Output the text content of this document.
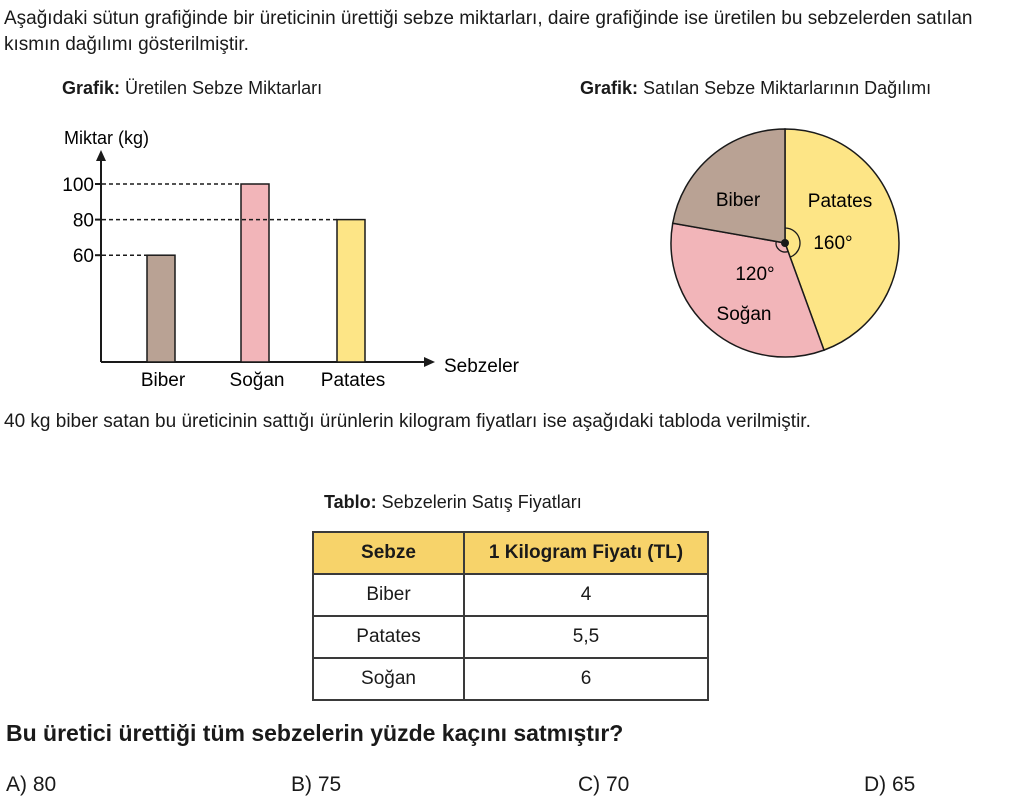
Aşağıdaki sütun grafiğinde bir üreticinin ürettiği sebze miktarları, daire grafiğinde ise üretilen bu sebzelerden satılan kısmın dağılımı gösterilmiştir.

Grafik: Üretilen Sebze Miktarları	Grafik: Satılan Sebze Miktarlarının Dağılımı

Miktar (kg)
Sebzeler
100
80
60
Biber Soğan Patates
Patates
160°
120°
Soğan
Biber

40 kg biber satan bu üreticinin sattığı ürünlerin kilogram fiyatları ise aşağıdaki tabloda verilmiştir.

Tablo: Sebzelerin Satış Fiyatları

Sebze	1 Kilogram Fiyatı (TL)
Biber	4
Patates	5,5
Soğan	6

Bu üretici ürettiği tüm sebzelerin yüzde kaçını satmıştır?

A) 80	B) 75	C) 70	D) 65
